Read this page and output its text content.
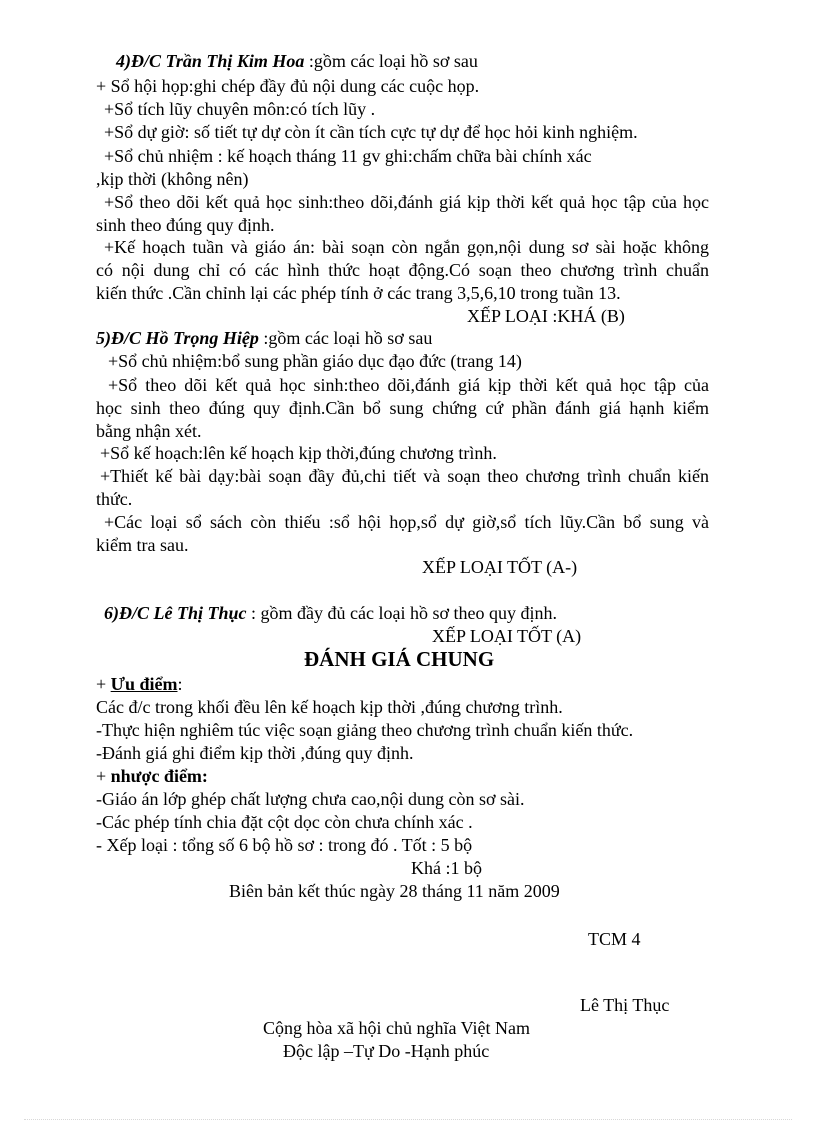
4)Đ/C Trần Thị Kim Hoa :gồm các loại hồ sơ sau
+ Sổ hội họp:ghi chép đầy đủ nội dung các cuộc họp.
+Sổ tích lũy chuyên môn:có tích lũy .
+Sổ dự giờ: số tiết tự dự còn ít cần tích cực tự dự để học hỏi kinh nghiệm.
+Sổ chủ nhiệm : kế hoạch tháng 11 gv ghi:chấm chữa bài chính xác
,kịp thời (không nên)
+Sổ theo dõi kết quả học sinh:theo dõi,đánh giá kịp thời kết quả học tập của học
sinh theo đúng quy định.
+Kế hoạch tuần và giáo án: bài soạn còn ngắn gọn,nội dung sơ sài hoặc không
có nội dung chỉ có các hình thức hoạt động.Có soạn theo chương trình chuẩn
kiến thức .Cần chỉnh lại các phép tính ở các trang 3,5,6,10 trong tuần 13.
XẾP LOẠI :KHÁ (B)
5)Đ/C Hồ Trọng Hiệp :gồm các loại hồ sơ sau
+Sổ chủ nhiệm:bổ sung phần giáo dục đạo đức (trang 14)
+Sổ theo dõi kết quả học sinh:theo dõi,đánh giá kịp thời kết quả học tập của
học sinh theo đúng quy định.Cần bổ sung chứng cứ phần đánh giá hạnh kiểm
bằng nhận xét.
+Sổ kế hoạch:lên kế hoạch kịp thời,đúng chương trình.
+Thiết kế bài dạy:bài soạn đầy đủ,chi tiết và soạn theo chương trình chuẩn kiến
thức.
+Các loại sổ sách còn thiếu :sổ hội họp,sổ dự giờ,sổ tích lũy.Cần bổ sung và
kiểm tra sau.
XẾP LOẠI TỐT (A-)
6)Đ/C Lê Thị Thục : gồm đầy đủ các loại hồ sơ theo quy định.
XẾP LOẠI TỐT (A)
ĐÁNH GIÁ CHUNG
+ Ưu điểm:
Các đ/c trong khối đều lên kế hoạch kịp thời ,đúng chương trình.
-Thực hiện nghiêm túc việc soạn giảng theo chương trình chuẩn kiến thức.
-Đánh giá ghi điểm kịp thời ,đúng quy định.
+ nhược điểm:
-Giáo án lớp ghép chất lượng chưa cao,nội dung còn sơ sài.
-Các phép tính chia đặt cột dọc còn chưa chính xác .
- Xếp loại : tổng số 6 bộ hồ sơ : trong đó . Tốt : 5 bộ
Khá :1 bộ
Biên bản kết thúc ngày 28 tháng 11 năm 2009
TCM 4
Lê Thị Thục
Cộng hòa xã hội chủ nghĩa Việt Nam
Độc lập –Tự Do -Hạnh phúc
